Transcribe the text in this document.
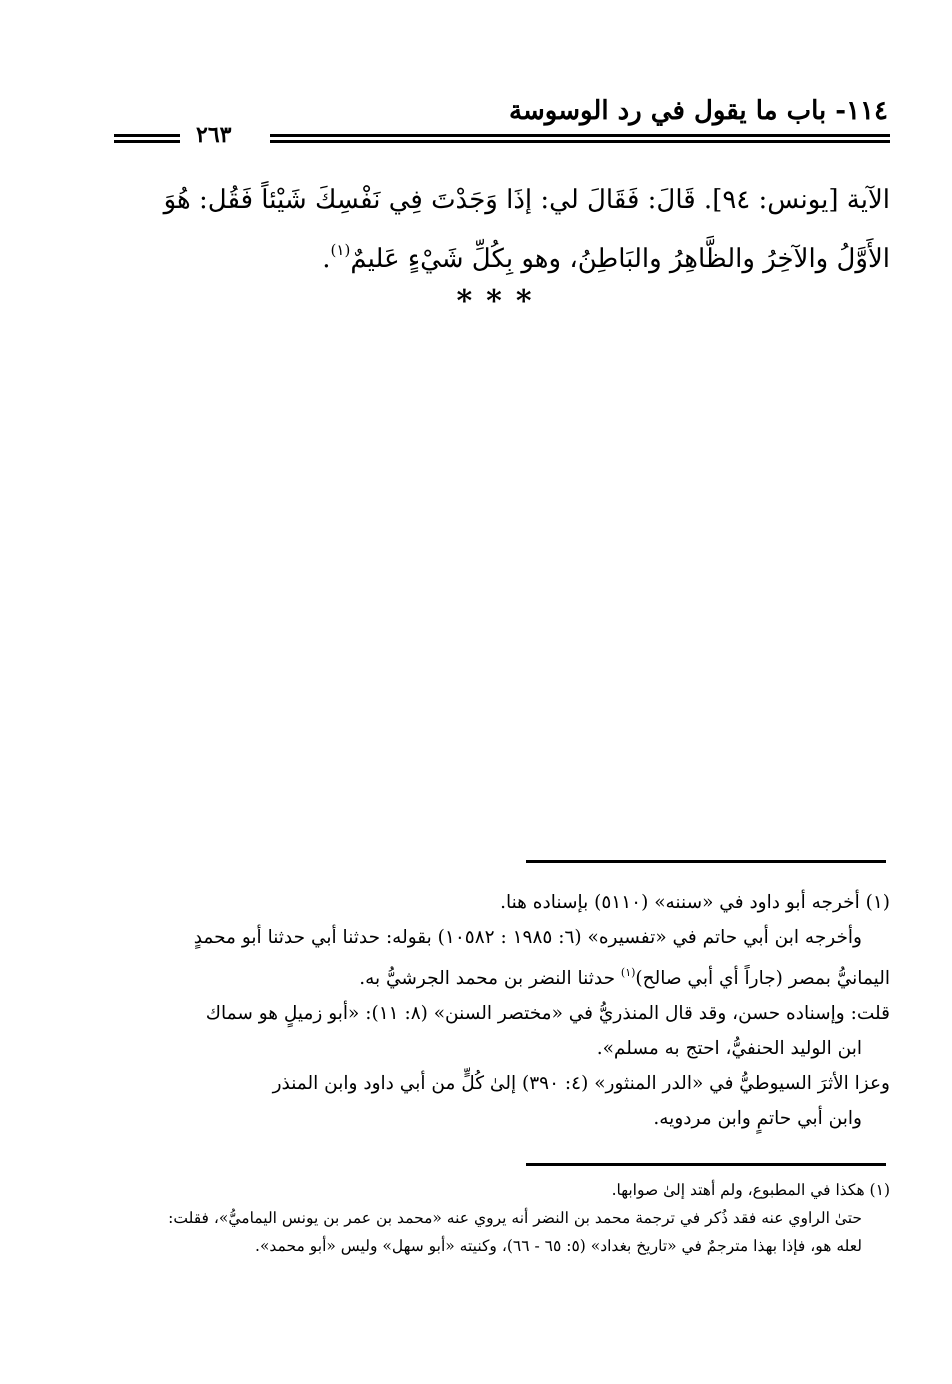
١١٤- باب ما يقول في رد الوسوسة
٢٦٣

الآية [يونس: ٩٤]. قَالَ: فَقَالَ لي: إذَا وَجَدْتَ فِي نَفْسِكَ شَيْئاً فَقُل: هُوَ

الأَوَّلُ والآخِرُ والظَّاهِرُ والبَاطِنُ، وهو بِكُلِّ شَيْءٍ عَليمٌ$^{(١)}$.

***

(١) أخرجه أبو داود في «سننه» (٥١١٠) بإسناده هنا.

وأخرجه ابن أبي حاتم في «تفسيره» (٦: ١٩٨٥ : ١٠٥٨٢) بقوله: حدثنا أبي حدثنا أبو محمدٍ

اليمانيُّ بمصر (جاراً أي أبي صالح)$^{(١)}$ حدثنا النضر بن محمد الجرشيُّ به.

قلت: وإسناده حسن، وقد قال المنذريُّ في «مختصر السنن» (٨: ١١): «أبو زميلٍ هو سماك

ابن الوليد الحنفيُّ، احتج به مسلم».

وعزا الأثرَ السيوطيُّ في «الدر المنثور» (٤: ٣٩٠) إلىٰ كُلٍّ من أبي داود وابن المنذر

وابن أبي حاتمٍ وابن مردويه.

(١) هكذا في المطبوع، ولم أهتد إلىٰ صوابها.

حتىٰ الراوي عنه فقد ذُكر في ترجمة محمد بن النضر أنه يروي عنه «محمد بن عمر بن يونس اليماميُّ»، فقلت:

لعله هو، فإذا بهذا مترجمٌ في «تاريخ بغداد» (٥: ٦٥ - ٦٦)، وكنيته «أبو سهل» وليس «أبو محمد».
